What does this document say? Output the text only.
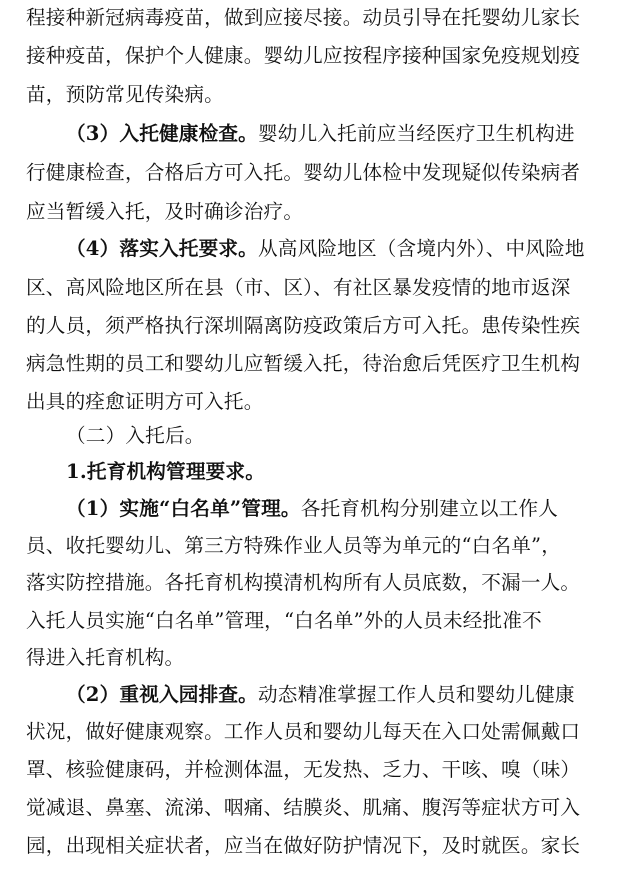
程接种新冠病毒疫苗，做到应接尽接。动员引导在托婴幼儿家长
接种疫苗，保护个人健康。婴幼儿应按程序接种国家免疫规划疫
苗，预防常见传染病。
（3）入托健康检查。婴幼儿入托前应当经医疗卫生机构进
行健康检查，合格后方可入托。婴幼儿体检中发现疑似传染病者
应当暂缓入托，及时确诊治疗。
（4）落实入托要求。从高风险地区（含境内外）、中风险地
区、高风险地区所在县（市、区）、有社区暴发疫情的地市返深
的人员，须严格执行深圳隔离防疫政策后方可入托。患传染性疾
病急性期的员工和婴幼儿应暂缓入托，待治愈后凭医疗卫生机构
出具的痊愈证明方可入托。
（二）入托后。
1.托育机构管理要求。
（1）实施“白名单”管理。各托育机构分别建立以工作人
员、收托婴幼儿、第三方特殊作业人员等为单元的“白名单”，
落实防控措施。各托育机构摸清机构所有人员底数，不漏一人。
入托人员实施“白名单”管理，“白名单”外的人员未经批准不
得进入托育机构。
（2）重视入园排查。动态精准掌握工作人员和婴幼儿健康
状况，做好健康观察。工作人员和婴幼儿每天在入口处需佩戴口
罩、核验健康码，并检测体温，无发热、乏力、干咳、嗅（味）
觉减退、鼻塞、流涕、咽痛、结膜炎、肌痛、腹泻等症状方可入
园，出现相关症状者，应当在做好防护情况下，及时就医。家长
